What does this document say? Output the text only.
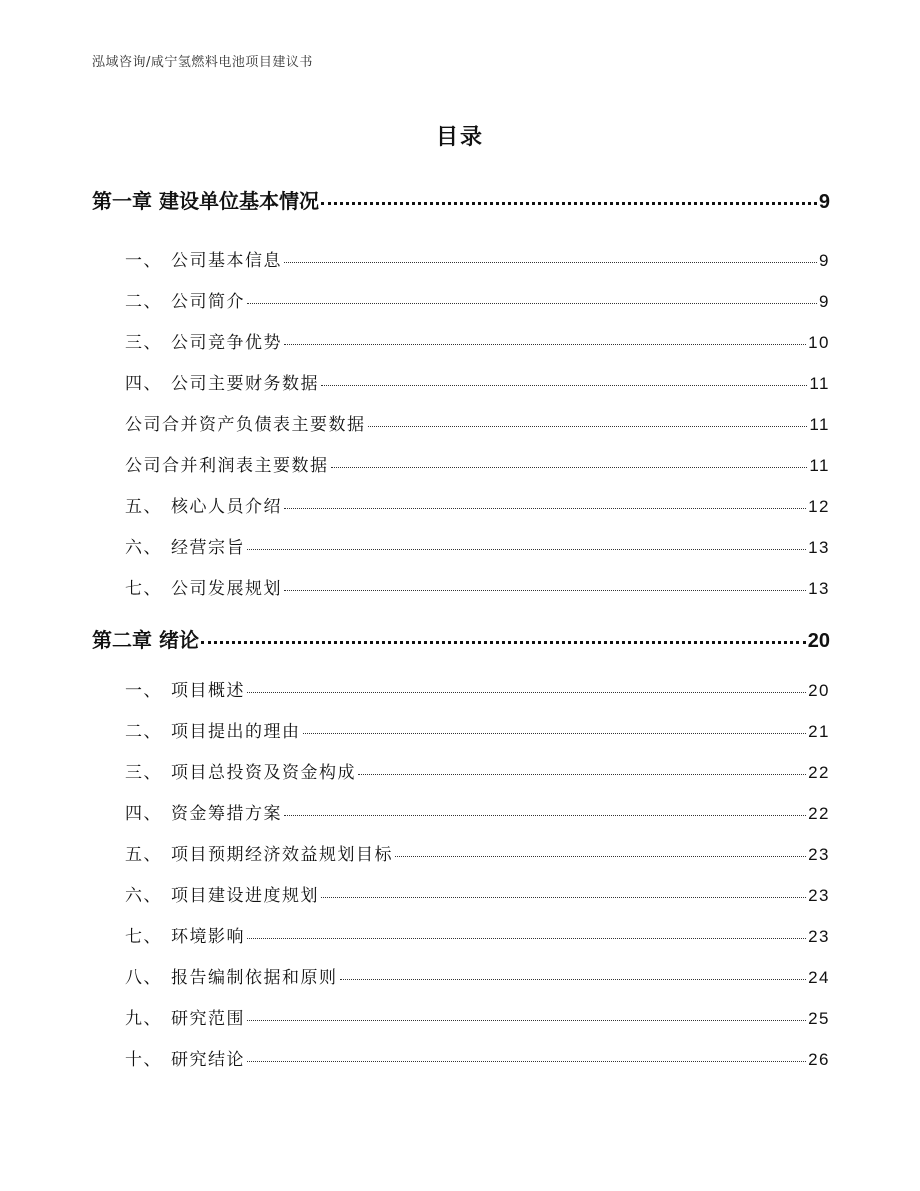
泓域咨询/咸宁氢燃料电池项目建议书
目录
第一章 建设单位基本情况	9
一、 公司基本信息	9
二、 公司简介	9
三、 公司竞争优势	10
四、 公司主要财务数据	11
公司合并资产负债表主要数据	11
公司合并利润表主要数据	11
五、 核心人员介绍	12
六、 经营宗旨	13
七、 公司发展规划	13
第二章 绪论	20
一、 项目概述	20
二、 项目提出的理由	21
三、 项目总投资及资金构成	22
四、 资金筹措方案	22
五、 项目预期经济效益规划目标	23
六、 项目建设进度规划	23
七、 环境影响	23
八、 报告编制依据和原则	24
九、 研究范围	25
十、 研究结论	26
